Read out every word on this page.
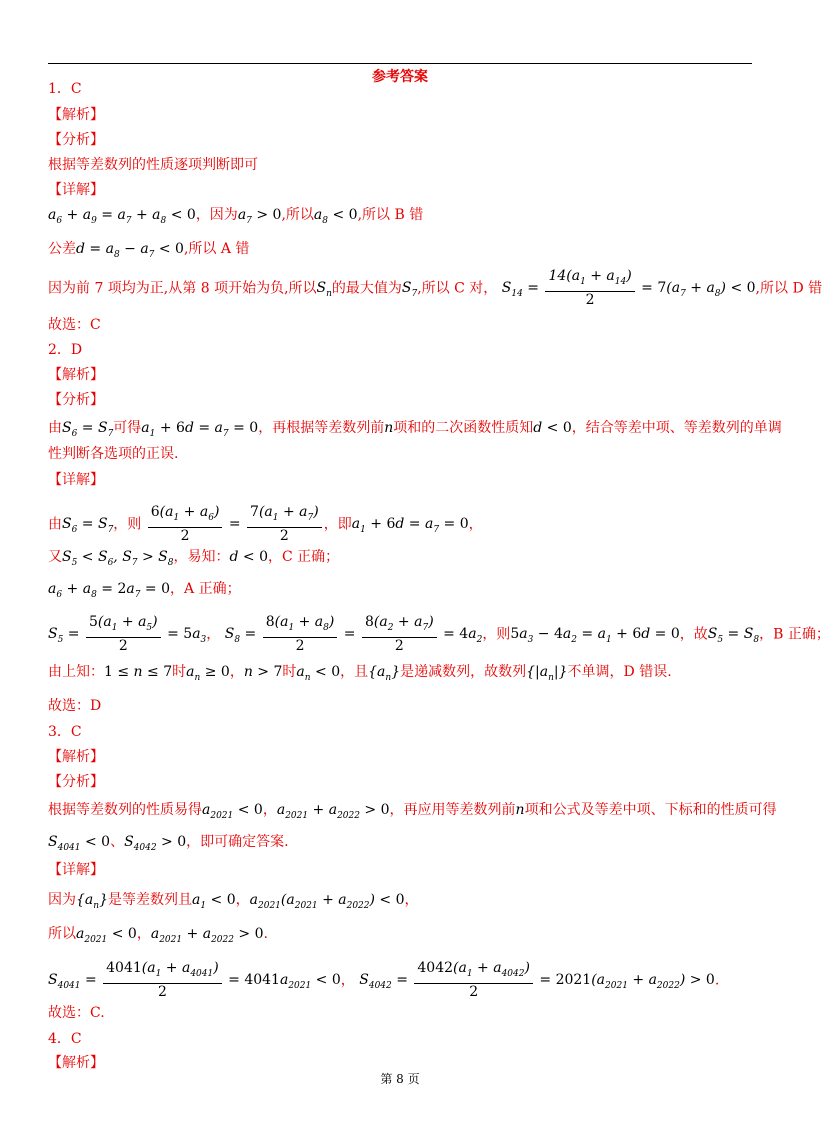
参考答案
1．C
【解析】
【分析】
根据等差数列的性质逐项判断即可
【详解】
$a_6 + a_9 = a_7 + a_8 < 0$，因为$a_7 > 0$,所以$a_8 < 0$,所以 B 错
公差$d = a_8 - a_7 < 0$,所以 A 错
因为前 7 项均为正,从第 8 项开始为负,所以$S_n$的最大值为$S_7$,所以 C 对， $S_{14} = \frac{14(a_1 + a_{14})}{2} = 7(a_7 + a_8) < 0$,所以 D 错
故选：C
2．D
【解析】
【分析】
由$S_6 = S_7$可得$a_1 + 6d = a_7 = 0$，再根据等差数列前n项和的二次函数性质知d < 0，结合等差中项、等差数列的单调
性判断各选项的正误.
【详解】
由$S_6 = S_7$，则 $\frac{6(a_1 + a_6)}{2} = \frac{7(a_1 + a_7)}{2}$ ，即$a_1 + 6d = a_7 = 0$，
又$S_5 < S_6$, $S_7 > S_8$，易知：d < 0，C 正确；
$a_6 + a_8 = 2a_7 = 0$，A 正确；
$S_5 = \frac{5(a_1 + a_5)}{2} = 5a_3$， $S_8 = \frac{8(a_1 + a_8)}{2} = \frac{8(a_2 + a_7)}{2} = 4a_2$，则$5a_3 - 4a_2 = a_1 + 6d = 0$，故$S_5 = S_8$，B 正确；
由上知：1 ≤ n ≤ 7时$a_n \ge 0$，n > 7时$a_n < 0$，且$\{a_n\}$是递减数列，故数列$\{|a_n|\}$不单调，D 错误.
故选：D
3．C
【解析】
【分析】
根据等差数列的性质易得$a_{2021} < 0$，$a_{2021} + a_{2022} > 0$，再应用等差数列前n项和公式及等差中项、下标和的性质可得
$S_{4041} < 0$、$S_{4042} > 0$，即可确定答案.
【详解】
因为$\{a_n\}$是等差数列且$a_1 < 0$，$a_{2021}(a_{2021} + a_{2022}) < 0$，
所以$a_{2021} < 0$，$a_{2021} + a_{2022} > 0$.
$S_{4041} = \frac{4041(a_1 + a_{4041})}{2} = 4041a_{2021} < 0$， $S_{4042} = \frac{4042(a_1 + a_{4042})}{2} = 2021(a_{2021} + a_{2022}) > 0$.
故选：C.
4．C
【解析】
第 8 页
